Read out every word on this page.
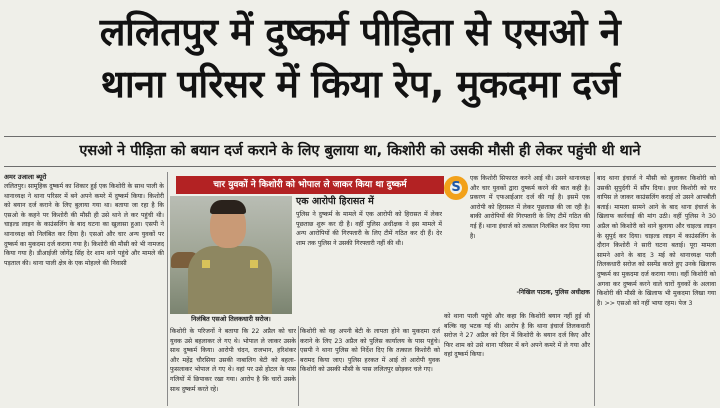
ललितपुर में दुष्कर्म पीड़िता से एसओ ने
थाना परिसर में किया रेप, मुकदमा दर्ज
एसओ ने पीड़िता को बयान दर्ज कराने के लिए बुलाया था, किशोरी को उसकी मौसी ही लेकर पहुंची थी थाने
अमर उजाला ब्यूरो
ललितपुर। सामूहिक दुष्कर्म का शिकार हुई एक किशोरी के साथ पाली के थानाध्यक्ष ने थाना परिसर में बने अपने कमरे में दुष्कर्म किया। किशोरी को बयान दर्ज कराने के लिए बुलाया गया था। बताया जा रहा है कि एसओ के कहने पर किशोरी की मौसी ही उसे थाने ले कर पहुंची थी। चाइल्ड लाइन के काउंसलिंग के बाद घटना का खुलासा हुआ। एसपी ने थानाध्यक्ष को निलंबित कर दिया है। एसओ और चार अन्य युवकों पर दुष्कर्म का मुकदमा दर्ज कराया गया है। किशोरी की मौसी को भी नामजद किया गया है। डीआईजी जोगेंद्र सिंह देर शाम थाने पहुंचे और मामले की पड़ताल की। थाना पाली क्षेत्र के एक मोहल्ले की निवासी
चार युवकों ने किशोरी को भोपाल ले जाकर किया था दुष्कर्म
निलंबित एसओ तिलकधारी सरोज।
एक आरोपी हिरासत में
पुलिस ने दुष्कर्म के मामले में एक आरोपी को हिरासत में लेकर पूछताछ शुरू कर दी है। वहीं पुलिस अधीक्षक ने इस मामले में अन्य आरोपियों की गिरफ्तारी के लिए टीमें गठित कर दी हैं। देर शाम तक पुलिस ने उसकी गिरफ्तारी नहीं की थी।
किशोरी के परिजनों ने बताया कि 22 अप्रैल को चार युवक उसे बहलाकर ले गए थे। भोपाल ले जाकर उसके साथ दुष्कर्म किया। आरोपी चंदन, राजभान, हरिशंकर और महेंद्र चौरसिया उसकी नाबालिग बेटी को बहला-फुसलाकर भोपाल ले गए थे। वहां पर उसे होटल के पास गलियों में छिपाकर रखा गया। आरोप है कि चारों उसके साथ दुष्कर्म करते रहे।
किशोरी को वह अपनी बेटी के लापता होने का मुकदमा दर्ज कराने के लिए 23 अप्रैल को पुलिस कार्यालय के पास पहुंचे। एसपी ने थाना पुलिस को निर्देश दिए कि तत्काल किशोरी को बरामद किया जाए। पुलिस हरकत में आई तो आरोपी युवक किशोरी को उसकी मौसी के पास ललितपुर छोड़कर चले गए।
S
एक किशोरी सिफारत करने आई थी। उसने थानाध्यक्ष और चार युवकों द्वारा दुष्कर्म करने की बात कही है। प्रकरण में एफआईआर दर्ज की गई है। इसमें एक आरोपी को हिरासत में लेकर पूछताछ की जा रही है। बाकी आरोपियों की गिरफ्तारी के लिए टीमें गठित की गई हैं। थाना इंचार्ज को तत्काल निलंबित कर दिया गया है।
-निखिल पाठक, पुलिस अधीक्षक
को थाना पाली पहुंचे और कहा कि किशोरी बयान नहीं हुई थी बल्कि वह भटक गई थी। आरोप है कि थाना इंचार्ज तिलकधारी सरोज ने 27 अप्रैल को दिन में किशोरी के बयान दर्ज किए और फिर शाम को उसे थाना परिसर में बने अपने कमरे में ले गया और वहां दुष्कर्म किया।
बाद थाना इंचार्ज ने मौसी को बुलाकर किशोरी को उसकी सुपुर्दगी में सौंप दिया। इधर किशोरी को घर वापिस ले जाकर काउंसलिंग कराई तो उसने आपबीती बताई। मामला सामने आने के बाद थाना इंचार्ज के खिलाफ कार्रवाई की मांग उठी। वहीं पुलिस ने 30 अप्रैल को किशोरी को थाने बुलाया और चाइल्ड लाइन के सुपुर्द कर दिया। चाइल्ड लाइन में काउंसलिंग के दौरान किशोरी ने सारी घटना बताई। पूरा मामला सामने आने के बाद 3 मई को थानाध्यक्ष पाली तिलकधारी सरोज को सस्पेंड करते हुए उनके खिलाफ दुष्कर्म का मुकदमा दर्ज कराया गया। वहीं किशोरी को अगवा कर दुष्कर्म करने वाले चारों युवकों के अलावा किशोरी की मौसी के खिलाफ भी मुकदमा लिखा गया है। >> एसओ को नहीं भाया रहम। पेज 3
